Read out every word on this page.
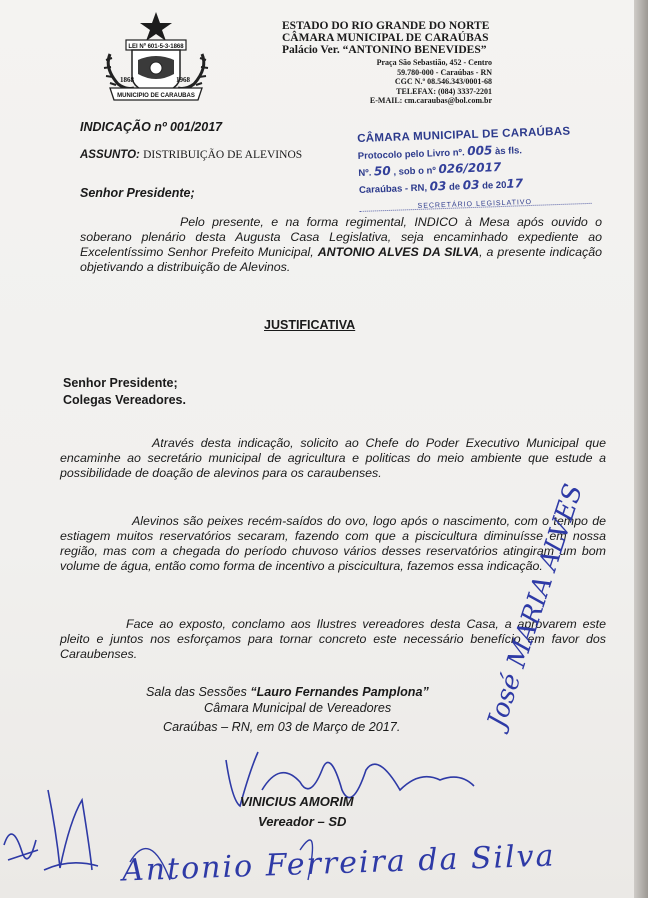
LEI Nº 601-5-3-1868
1868	1968
MUNICIPIO DE CARAUBAS

ESTADO DO RIO GRANDE DO NORTE

CÂMARA MUNICIPAL DE CARAÚBAS

Palácio Ver. “ANTONINO BENEVIDES”

Praça São Sebastião, 452 - Centro
59.780-000 - Caraúbas - RN
CGC N.º 08.546.343/0001-68
TELEFAX: (084) 3337-2201
E-MAIL: cm.caraubas@bol.com.br
INDICAÇÃO nº 001/2017
ASSUNTO: DISTRIBUIÇÃO DE ALEVINOS
CÂMARA MUNICIPAL DE CARAÚBAS
Protocolo pelo Livro nº. 005 às fls.
Nº. 50 , sob o nº 026/2017
Caraúbas - RN, 03 de 03 de 2017
SECRETÁRIO LEGISLATIVO
Senhor Presidente;

Pelo presente, e na forma regimental, INDICO à Mesa após ouvido o soberano plenário desta Augusta Casa Legislativa, seja encaminhado expediente ao Excelentíssimo Senhor Prefeito Municipal, ANTONIO ALVES DA SILVA, a presente indicação objetivando a distribuição de Alevinos.

JUSTIFICATIVA
Senhor Presidente;
Colegas Vereadores.

Através desta indicação, solicito ao Chefe do Poder Executivo Municipal que encaminhe ao secretário municipal de agricultura e politicas do meio ambiente que estude a possibilidade de doação de alevinos para os caraubenses.

Alevinos são peixes recém-saídos do ovo, logo após o nascimento, com o tempo de estiagem muitos reservatórios secaram, fazendo com que a piscicultura diminuísse em nossa região, mas com a chegada do período chuvoso vários desses reservatórios atingiram um bom volume de água, então como forma de incentivo a piscicultura, fazemos essa indicação.

Face ao exposto, conclamo aos Ilustres vereadores desta Casa, a aprovarem este pleito e juntos nos esforçamos para tornar concreto este necessário benefício em favor dos Caraubenses.

Sala das Sessões “Lauro Fernandes Pamplona”
Câmara Municipal de Vereadores
Caraúbas – RN, em 03 de Março de 2017.	José MARIA ALVES
Antonio Ferreira da Silva
VINICIUS AMORIM
Vereador – SD
